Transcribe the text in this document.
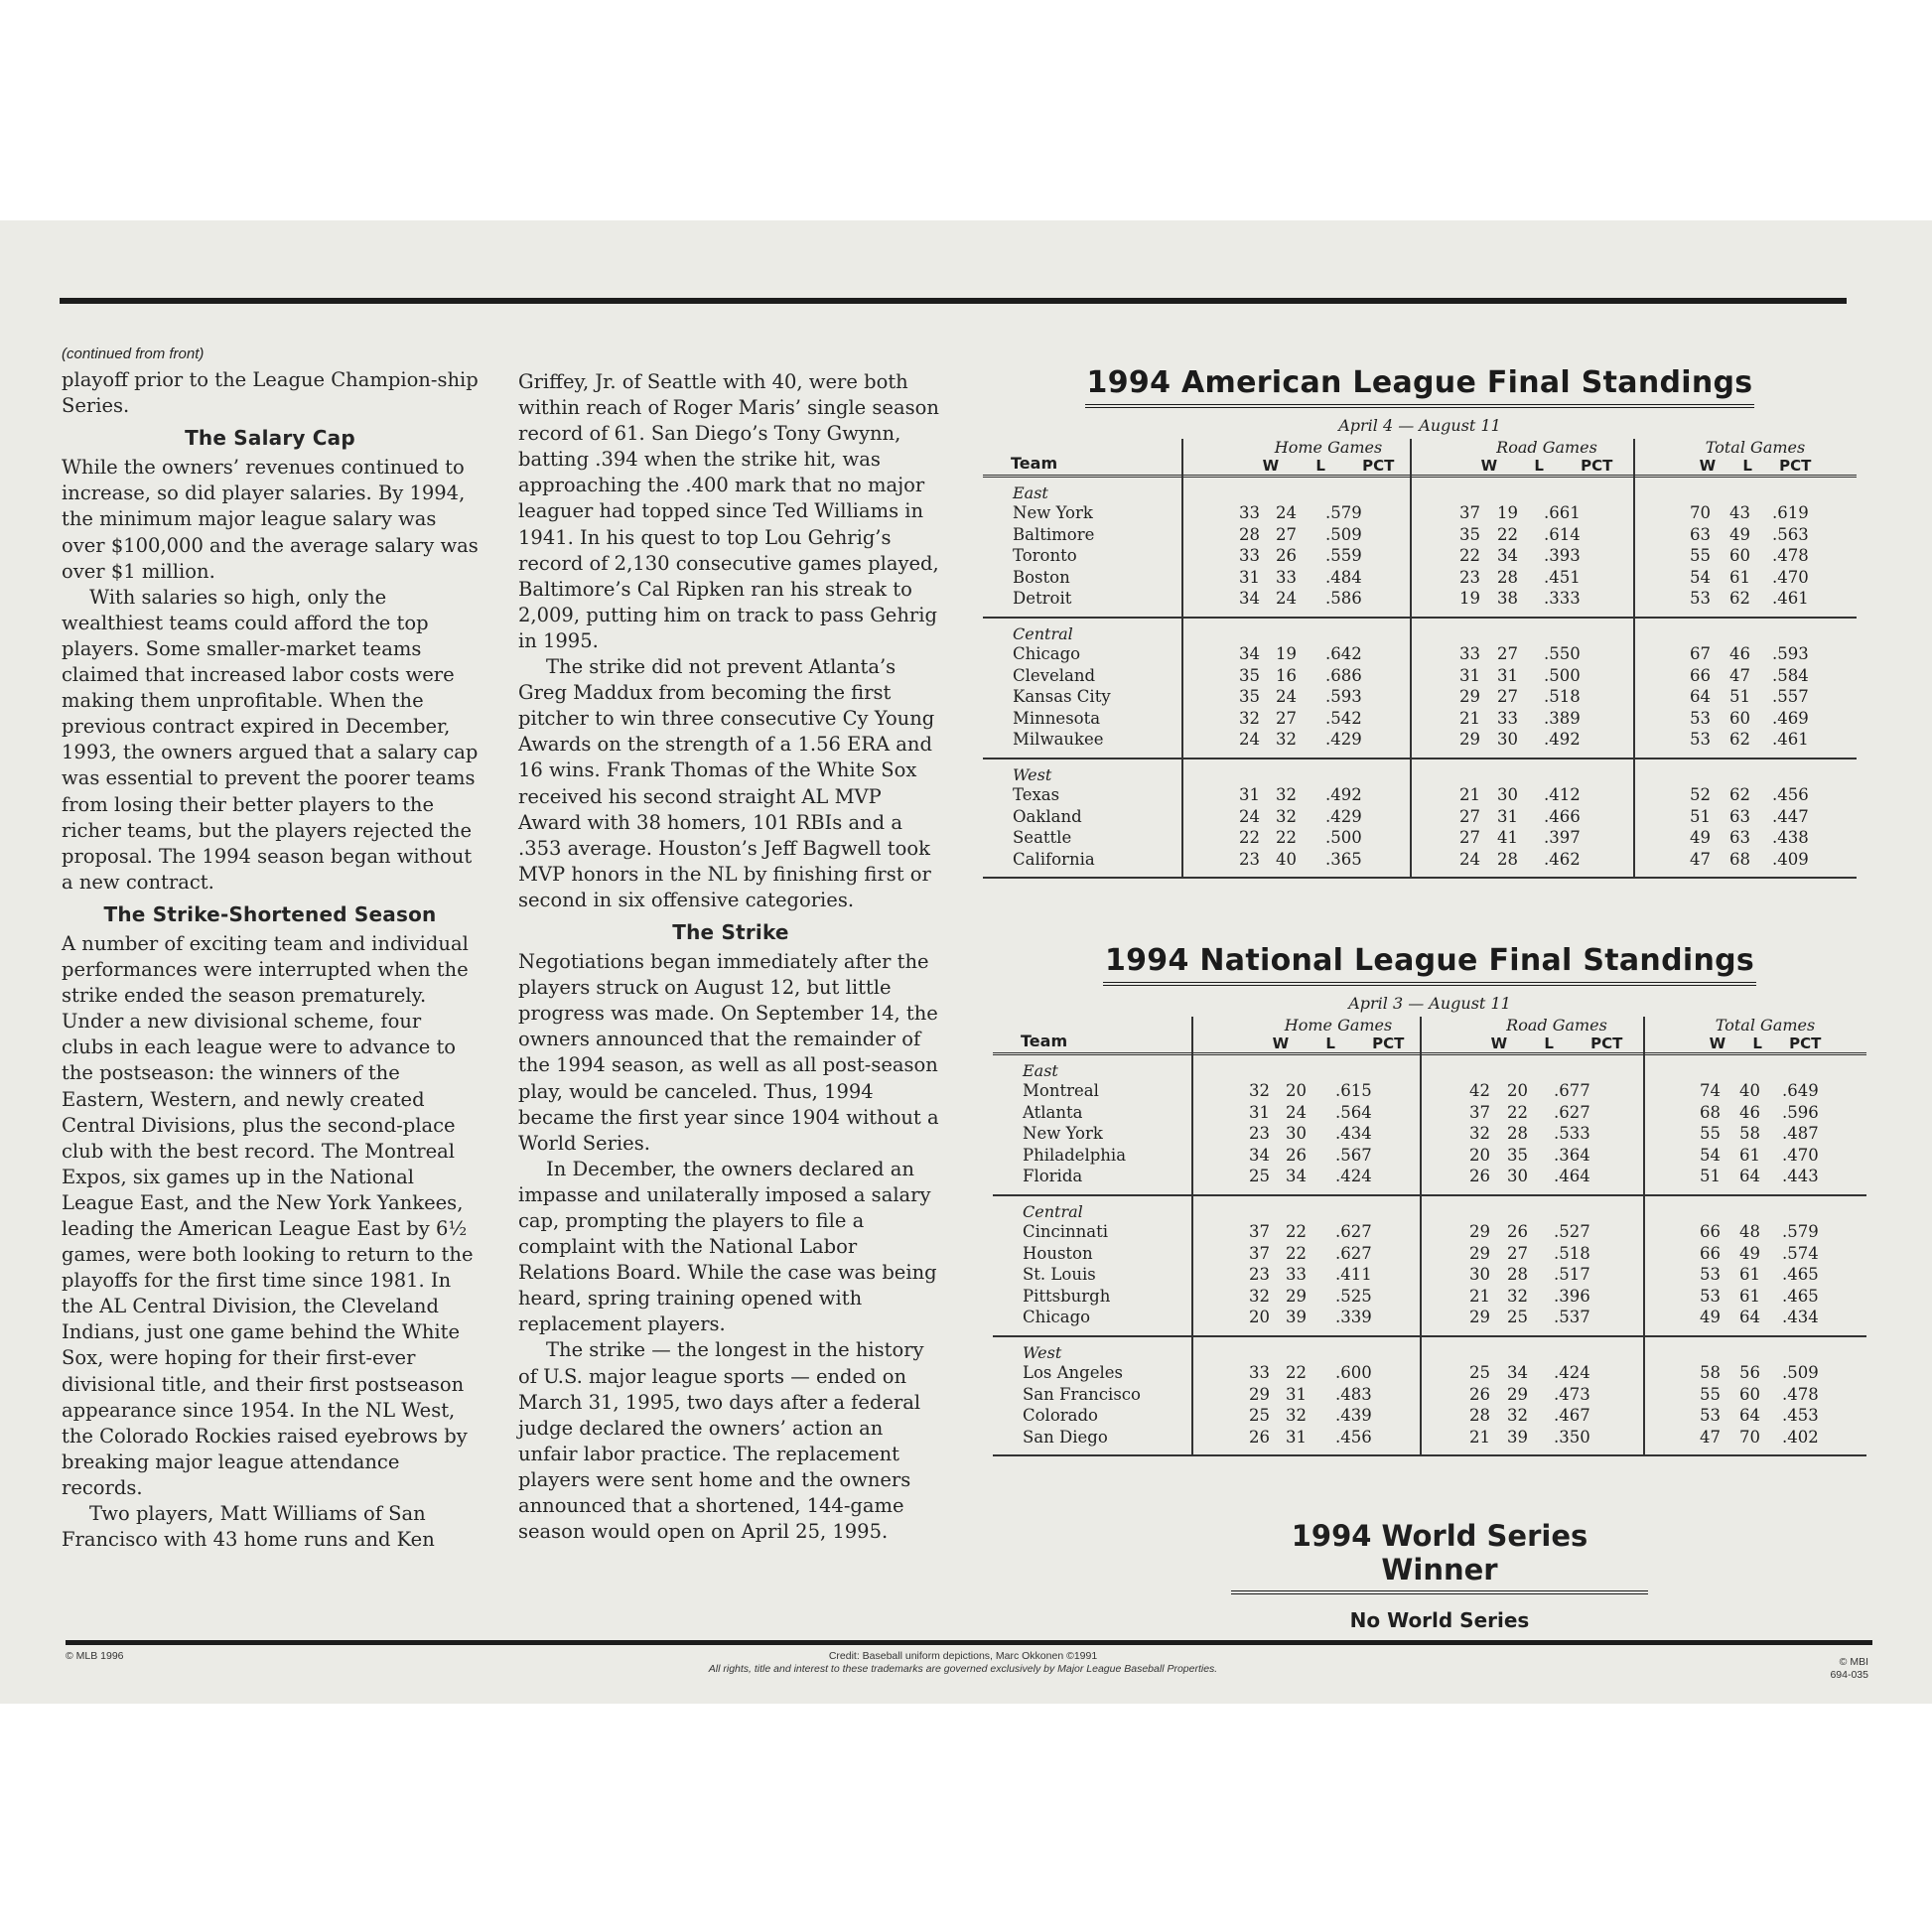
(continued from front)

playoff prior to the League Champion-ship Series.

The Salary Cap

While the owners’ revenues continued to increase, so did player salaries. By 1994, the minimum major league salary was over $100,000 and the average salary was over $1 million.

With salaries so high, only the wealthiest teams could afford the top players. Some smaller-market teams claimed that increased labor costs were making them unprofitable. When the previous contract expired in December, 1993, the owners argued that a salary cap was essential to prevent the poorer teams from losing their better players to the richer teams, but the players rejected the proposal. The 1994 season began without a new contract.

The Strike-Shortened Season

A number of exciting team and individual performances were interrupted when the strike ended the season prematurely. Under a new divisional scheme, four clubs in each league were to advance to the postseason: the winners of the Eastern, Western, and newly created Central Divisions, plus the second-place club with the best record. The Montreal Expos, six games up in the National League East, and the New York Yankees, leading the American League East by 6½ games, were both looking to return to the playoffs for the first time since 1981. In the AL Central Division, the Cleveland Indians, just one game behind the White Sox, were hoping for their first-ever divisional title, and their first postseason appearance since 1954. In the NL West, the Colorado Rockies raised eyebrows by breaking major league attendance records.

Two players, Matt Williams of San Francisco with 43 home runs and Ken

Griffey, Jr. of Seattle with 40, were both within reach of Roger Maris’ single season record of 61. San Diego’s Tony Gwynn, batting .394 when the strike hit, was approaching the .400 mark that no major leaguer had topped since Ted Williams in 1941. In his quest to top Lou Gehrig’s record of 2,130 consecutive games played, Baltimore’s Cal Ripken ran his streak to 2,009, putting him on track to pass Gehrig in 1995.

The strike did not prevent Atlanta’s Greg Maddux from becoming the first pitcher to win three consecutive Cy Young Awards on the strength of a 1.56 ERA and 16 wins. Frank Thomas of the White Sox received his second straight AL MVP Award with 38 homers, 101 RBIs and a .353 average. Houston’s Jeff Bagwell took MVP honors in the NL by finishing first or second in six offensive categories.

The Strike

Negotiations began immediately after the players struck on August 12, but little progress was made. On September 14, the owners announced that the remainder of the 1994 season, as well as all post-season play, would be canceled. Thus, 1994 became the first year since 1904 without a World Series.

In December, the owners declared an impasse and unilaterally imposed a salary cap, prompting the players to file a complaint with the National Labor Relations Board. While the case was being heard, spring training opened with replacement players.

The strike — the longest in the history of U.S. major league sports — ended on March 31, 1995, two days after a federal judge declared the owners’ action an unfair labor practice. The replacement players were sent home and the owners announced that a shortened, 144-game season would open on April 25, 1995.

1994 American League Final Standings
April 4 — August 11
Team
Home Games
W L PCT
Road Games
W L PCT
Total Games
W L PCT
East
New York	33 24 .579	37 19 .661	70 43 .619
Baltimore	28 27 .509	35 22 .614	63 49 .563
Toronto	33 26 .559	22 34 .393	55 60 .478
Boston	31 33 .484	23 28 .451	54 61 .470
Detroit	34 24 .586	19 38 .333	53 62 .461
Central
Chicago	34 19 .642	33 27 .550	67 46 .593
Cleveland	35 16 .686	31 31 .500	66 47 .584
Kansas City	35 24 .593	29 27 .518	64 51 .557
Minnesota	32 27 .542	21 33 .389	53 60 .469
Milwaukee	24 32 .429	29 30 .492	53 62 .461
West
Texas	31 32 .492	21 30 .412	52 62 .456
Oakland	24 32 .429	27 31 .466	51 63 .447
Seattle	22 22 .500	27 41 .397	49 63 .438
California	23 40 .365	24 28 .462	47 68 .409
1994 National League Final Standings
April 3 — August 11
Team
Home Games
W L PCT
Road Games
W L PCT
Total Games
W L PCT
East
Montreal	32 20 .615	42 20 .677	74 40 .649
Atlanta	31 24 .564	37 22 .627	68 46 .596
New York	23 30 .434	32 28 .533	55 58 .487
Philadelphia	34 26 .567	20 35 .364	54 61 .470
Florida	25 34 .424	26 30 .464	51 64 .443
Central
Cincinnati	37 22 .627	29 26 .527	66 48 .579
Houston	37 22 .627	29 27 .518	66 49 .574
St. Louis	23 33 .411	30 28 .517	53 61 .465
Pittsburgh	32 29 .525	21 32 .396	53 61 .465
Chicago	20 39 .339	29 25 .537	49 64 .434
West
Los Angeles	33 22 .600	25 34 .424	58 56 .509
San Francisco	29 31 .483	26 29 .473	55 60 .478
Colorado	25 32 .439	28 32 .467	53 64 .453
San Diego	26 31 .456	21 39 .350	47 70 .402
1994 World Series Winner
No World Series
© MLB 1996	Credit: Baseball uniform depictions, Marc Okkonen ©1991
All rights, title and interest to these trademarks are governed exclusively by Major League Baseball Properties.
© MBI
694-035
